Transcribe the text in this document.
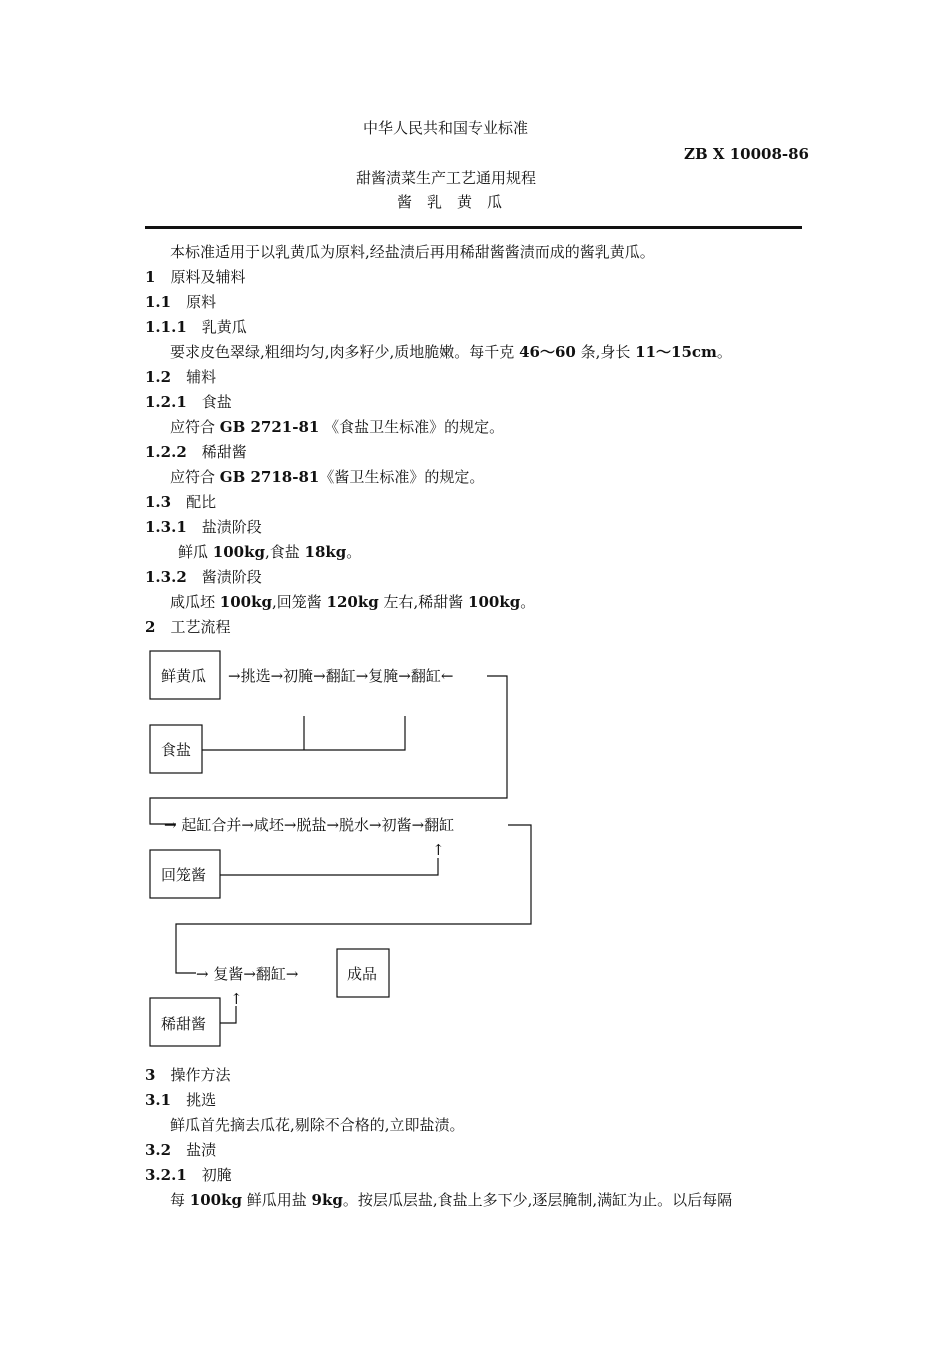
中华人民共和国专业标准
ZB X 10008-86
甜酱渍菜生产工艺通用规程
酱　乳　黄　瓜
本标准适用于以乳黄瓜为原料,经盐渍后再用稀甜酱酱渍而成的酱乳黄瓜。
1　 原料及辅料
1.1　 原料
1.1.1　 乳黄瓜
要求皮色翠绿,粗细均匀,肉多籽少,质地脆嫩。每千克 46～60 条,身长 11～15cm。
1.2　 辅料
1.2.1　 食盐
应符合 GB 2721-81 《食盐卫生标准》的规定。
1.2.2　 稀甜酱
应符合 GB 2718-81《酱卫生标准》的规定。
1.3　 配比
1.3.1　 盐渍阶段
鲜瓜 100kg,食盐 18kg。
1.3.2　 酱渍阶段
咸瓜坯 100kg,回笼酱 120kg 左右,稀甜酱 100kg。
2　 工艺流程
鲜黄瓜 →挑选→初腌→翻缸→复腌→翻缸←
食盐
→ 起缸合并→咸坯→脱盐→脱水→初酱→翻缸
回笼酱
↑
→ 复酱→翻缸→	成品
稀甜酱
↑
3　 操作方法
3.1　 挑选
鲜瓜首先摘去瓜花,剔除不合格的,立即盐渍。
3.2　 盐渍
3.2.1　 初腌
每 100kg 鲜瓜用盐 9kg。按层瓜层盐,食盐上多下少,逐层腌制,满缸为止。以后每隔
